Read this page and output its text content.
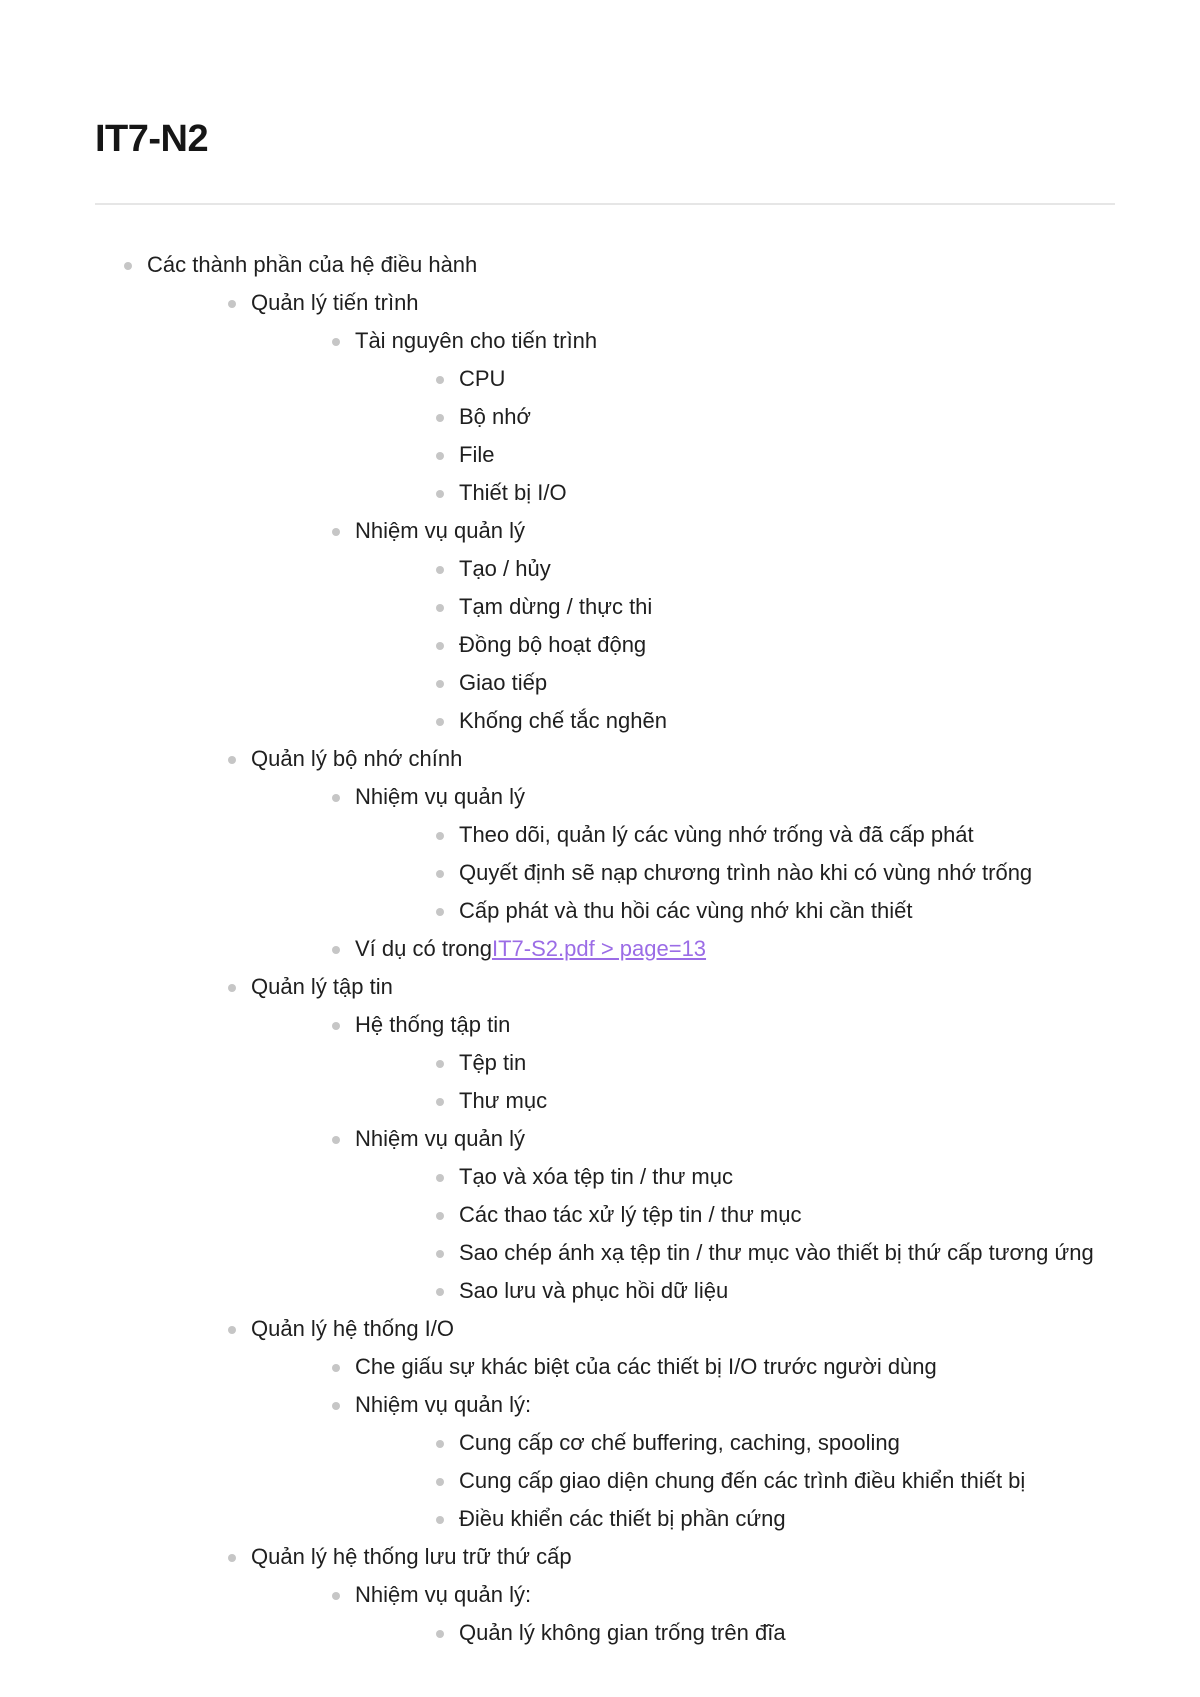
IT7-N2
Các thành phần của hệ điều hành
Quản lý tiến trình
Tài nguyên cho tiến trình
CPU
Bộ nhớ
File
Thiết bị I/O
Nhiệm vụ quản lý
Tạo / hủy
Tạm dừng / thực thi
Đồng bộ hoạt động
Giao tiếp
Khống chế tắc nghẽn
Quản lý bộ nhớ chính
Nhiệm vụ quản lý
Theo dõi, quản lý các vùng nhớ trống và đã cấp phát
Quyết định sẽ nạp chương trình nào khi có vùng nhớ trống
Cấp phát và thu hồi các vùng nhớ khi cần thiết
Ví dụ có trongIT7-S2.pdf > page=13
Quản lý tập tin
Hệ thống tập tin
Tệp tin
Thư mục
Nhiệm vụ quản lý
Tạo và xóa tệp tin / thư mục
Các thao tác xử lý tệp tin / thư mục
Sao chép ánh xạ tệp tin / thư mục vào thiết bị thứ cấp tương ứng
Sao lưu và phục hồi dữ liệu
Quản lý hệ thống I/O
Che giấu sự khác biệt của các thiết bị I/O trước người dùng
Nhiệm vụ quản lý:
Cung cấp cơ chế buffering, caching, spooling
Cung cấp giao diện chung đến các trình điều khiển thiết bị
Điều khiển các thiết bị phần cứng
Quản lý hệ thống lưu trữ thứ cấp
Nhiệm vụ quản lý:
Quản lý không gian trống trên đĩa
